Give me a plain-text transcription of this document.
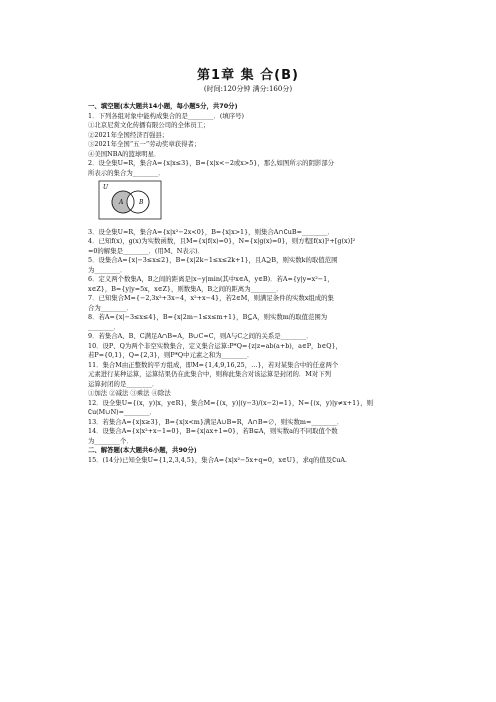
第1章 集 合(B)
(时间:120分钟 满分:160分)

一、填空题(本大题共14小题，每小题5分，共70分)

1．下列各组对象中能构成集合的是________．(填序号)

①北京尼赏文化传播有限公司的全体员工；

②2021年全国经济百强县；

③2021年全国“五一”劳动奖章获得者；

④美国NBA的篮球明星．

2．设全集U=R，集合A={x|x≤3}，B={x|x<−2或x>5}，那么如图所示的阴影部分

所表示的集合为________．

U
A	B

3．设全集U=R，集合A={x|x²−2x<0}，B={x|x>1}，则集合A∩∁uB=________．

4．已知f(x)，g(x)为实数函数，且M={x|f(x)=0}，N={x|g(x)=0}，则方程[f(x)]²+[g(x)]²

=0的解集是________．(用M、N表示)．

5．设集合A={x|−3≤x≤2}，B={x|2k−1≤x≤2k+1}，且A⊇B，则实数k的取值范围

为________．

6．定义两个数集A，B之间的距离是|x−y|min(其中x∈A，y∈B)．若A={y|y=x²−1，

x∈Z}，B={y|y=5x，x∈Z}，则数集A，B之间的距离为________．

7．已知集合M={−2,3x²+3x−4，x²+x−4}，若2∈M，则满足条件的实数x组成的集

合为________．

8．若A={x|−3≤x≤4}，B={x|2m−1≤x≤m+1}，B⊆A，则实数m的取值范围为

________．

9．若集合A、B、C满足A∩B=A，B∪C=C，则A与C之间的关系是________．

10．设P、Q为两个非空实数集合，定义集合运算:P*Q={z|z=ab(a+b)，a∈P，b∈Q}，

若P={0,1}，Q={2,3}，则P*Q中元素之和为________．

11．集合M由正整数的平方组成，即M={1,4,9,16,25，…}，若对某集合中的任意两个

元素进行某种运算，运算结果仍在此集合中，则称此集合对该运算是封闭的．M对下列

运算封闭的是________．

①加法 ②减法 ③乘法 ④除法

12．设全集U={(x，y)|x，y∈R}，集合M={(x，y)|(y−3)/(x−2)=1}，N={(x，y)|y≠x+1}，则

∁u(M∪N)=________．

13．若集合A={x|x≥3}，B={x|x<m}满足A∪B=R，A∩B=∅，则实数m=________．

14．设集合A={x|x²+x−1=0}，B={x|ax+1=0}，若B⊊A，则实数a的不同取值个数

为________个．

二、解答题(本大题共6小题，共90分)

15．(14分)已知全集U={1,2,3,4,5}，集合A={x|x²−5x+q=0，x∈U}，求q的值及∁uA.
